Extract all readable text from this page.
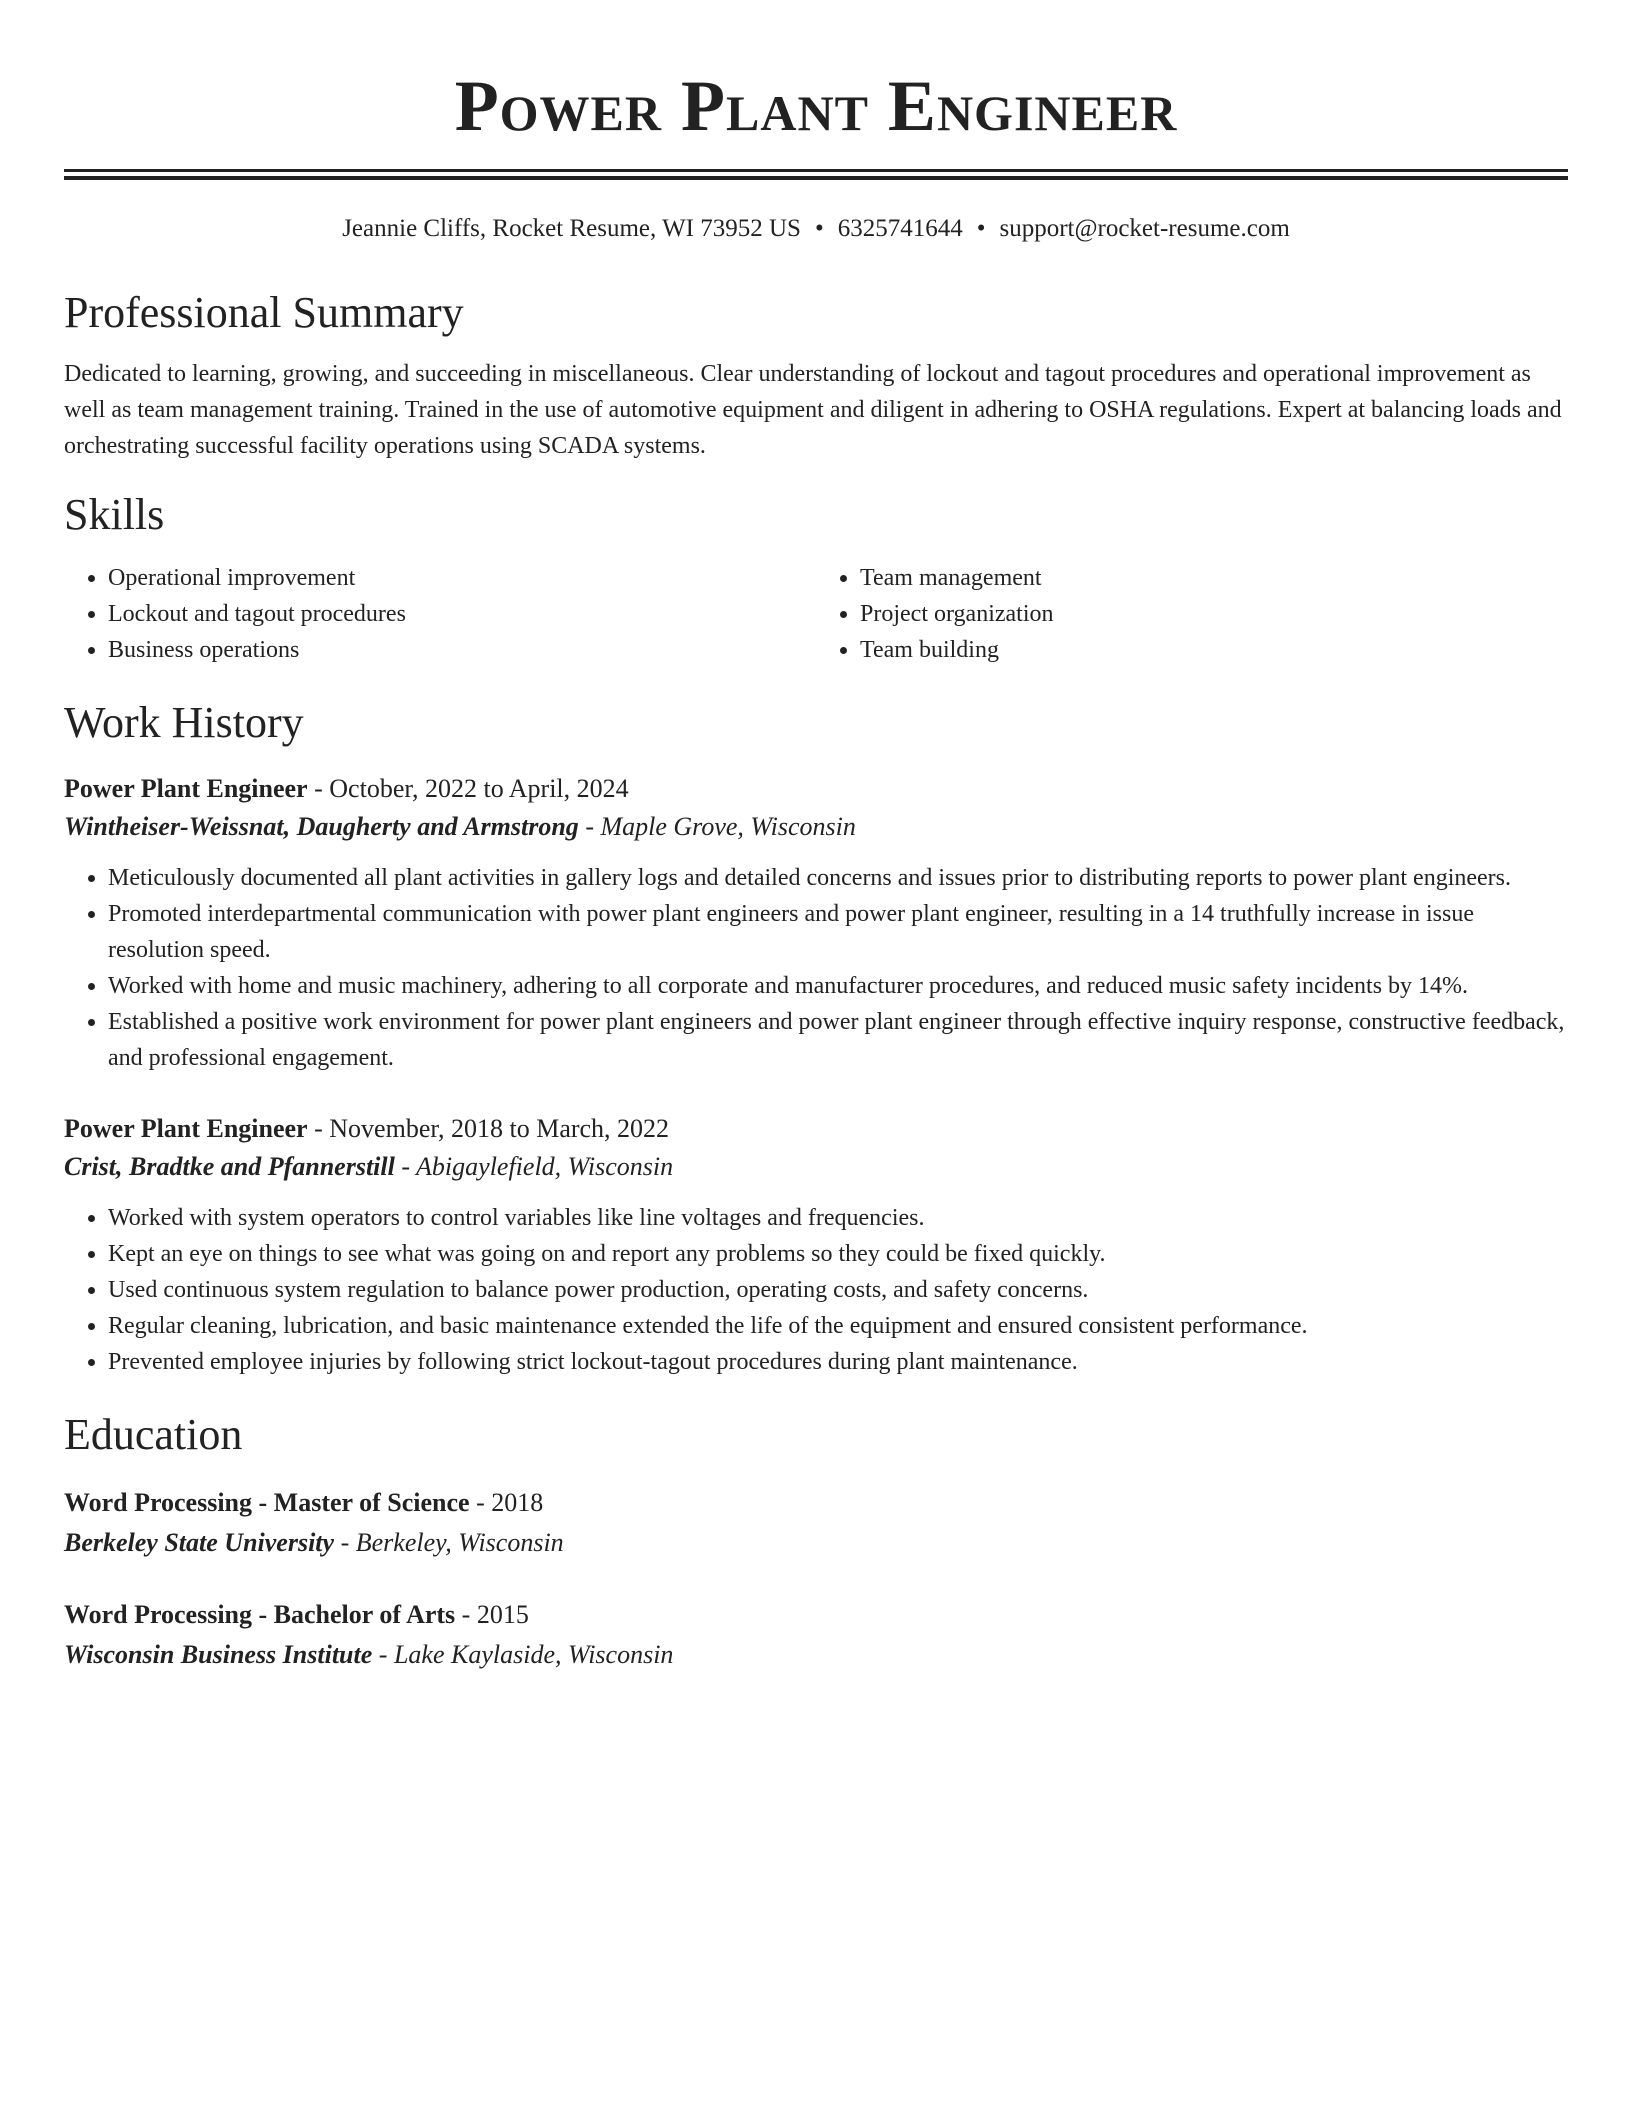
Power Plant Engineer
Jeannie Cliffs, Rocket Resume, WI 73952 US • 6325741644 • support@rocket-resume.com
Professional Summary
Dedicated to learning, growing, and succeeding in miscellaneous. Clear understanding of lockout and tagout procedures and operational improvement as well as team management training. Trained in the use of automotive equipment and diligent in adhering to OSHA regulations. Expert at balancing loads and orchestrating successful facility operations using SCADA systems.
Skills
• Operational improvement
• Lockout and tagout procedures
• Business operations
• Team management
• Project organization
• Team building
Work History
Power Plant Engineer - October, 2022 to April, 2024
Wintheiser-Weissnat, Daugherty and Armstrong - Maple Grove, Wisconsin
• Meticulously documented all plant activities in gallery logs and detailed concerns and issues prior to distributing reports to power plant engineers.
• Promoted interdepartmental communication with power plant engineers and power plant engineer, resulting in a 14 truthfully increase in issue resolution speed.
• Worked with home and music machinery, adhering to all corporate and manufacturer procedures, and reduced music safety incidents by 14%.
• Established a positive work environment for power plant engineers and power plant engineer through effective inquiry response, constructive feedback, and professional engagement.
Power Plant Engineer - November, 2018 to March, 2022
Crist, Bradtke and Pfannerstill - Abigaylefield, Wisconsin
• Worked with system operators to control variables like line voltages and frequencies.
• Kept an eye on things to see what was going on and report any problems so they could be fixed quickly.
• Used continuous system regulation to balance power production, operating costs, and safety concerns.
• Regular cleaning, lubrication, and basic maintenance extended the life of the equipment and ensured consistent performance.
• Prevented employee injuries by following strict lockout-tagout procedures during plant maintenance.
Education
Word Processing - Master of Science - 2018
Berkeley State University - Berkeley, Wisconsin
Word Processing - Bachelor of Arts - 2015
Wisconsin Business Institute - Lake Kaylaside, Wisconsin
